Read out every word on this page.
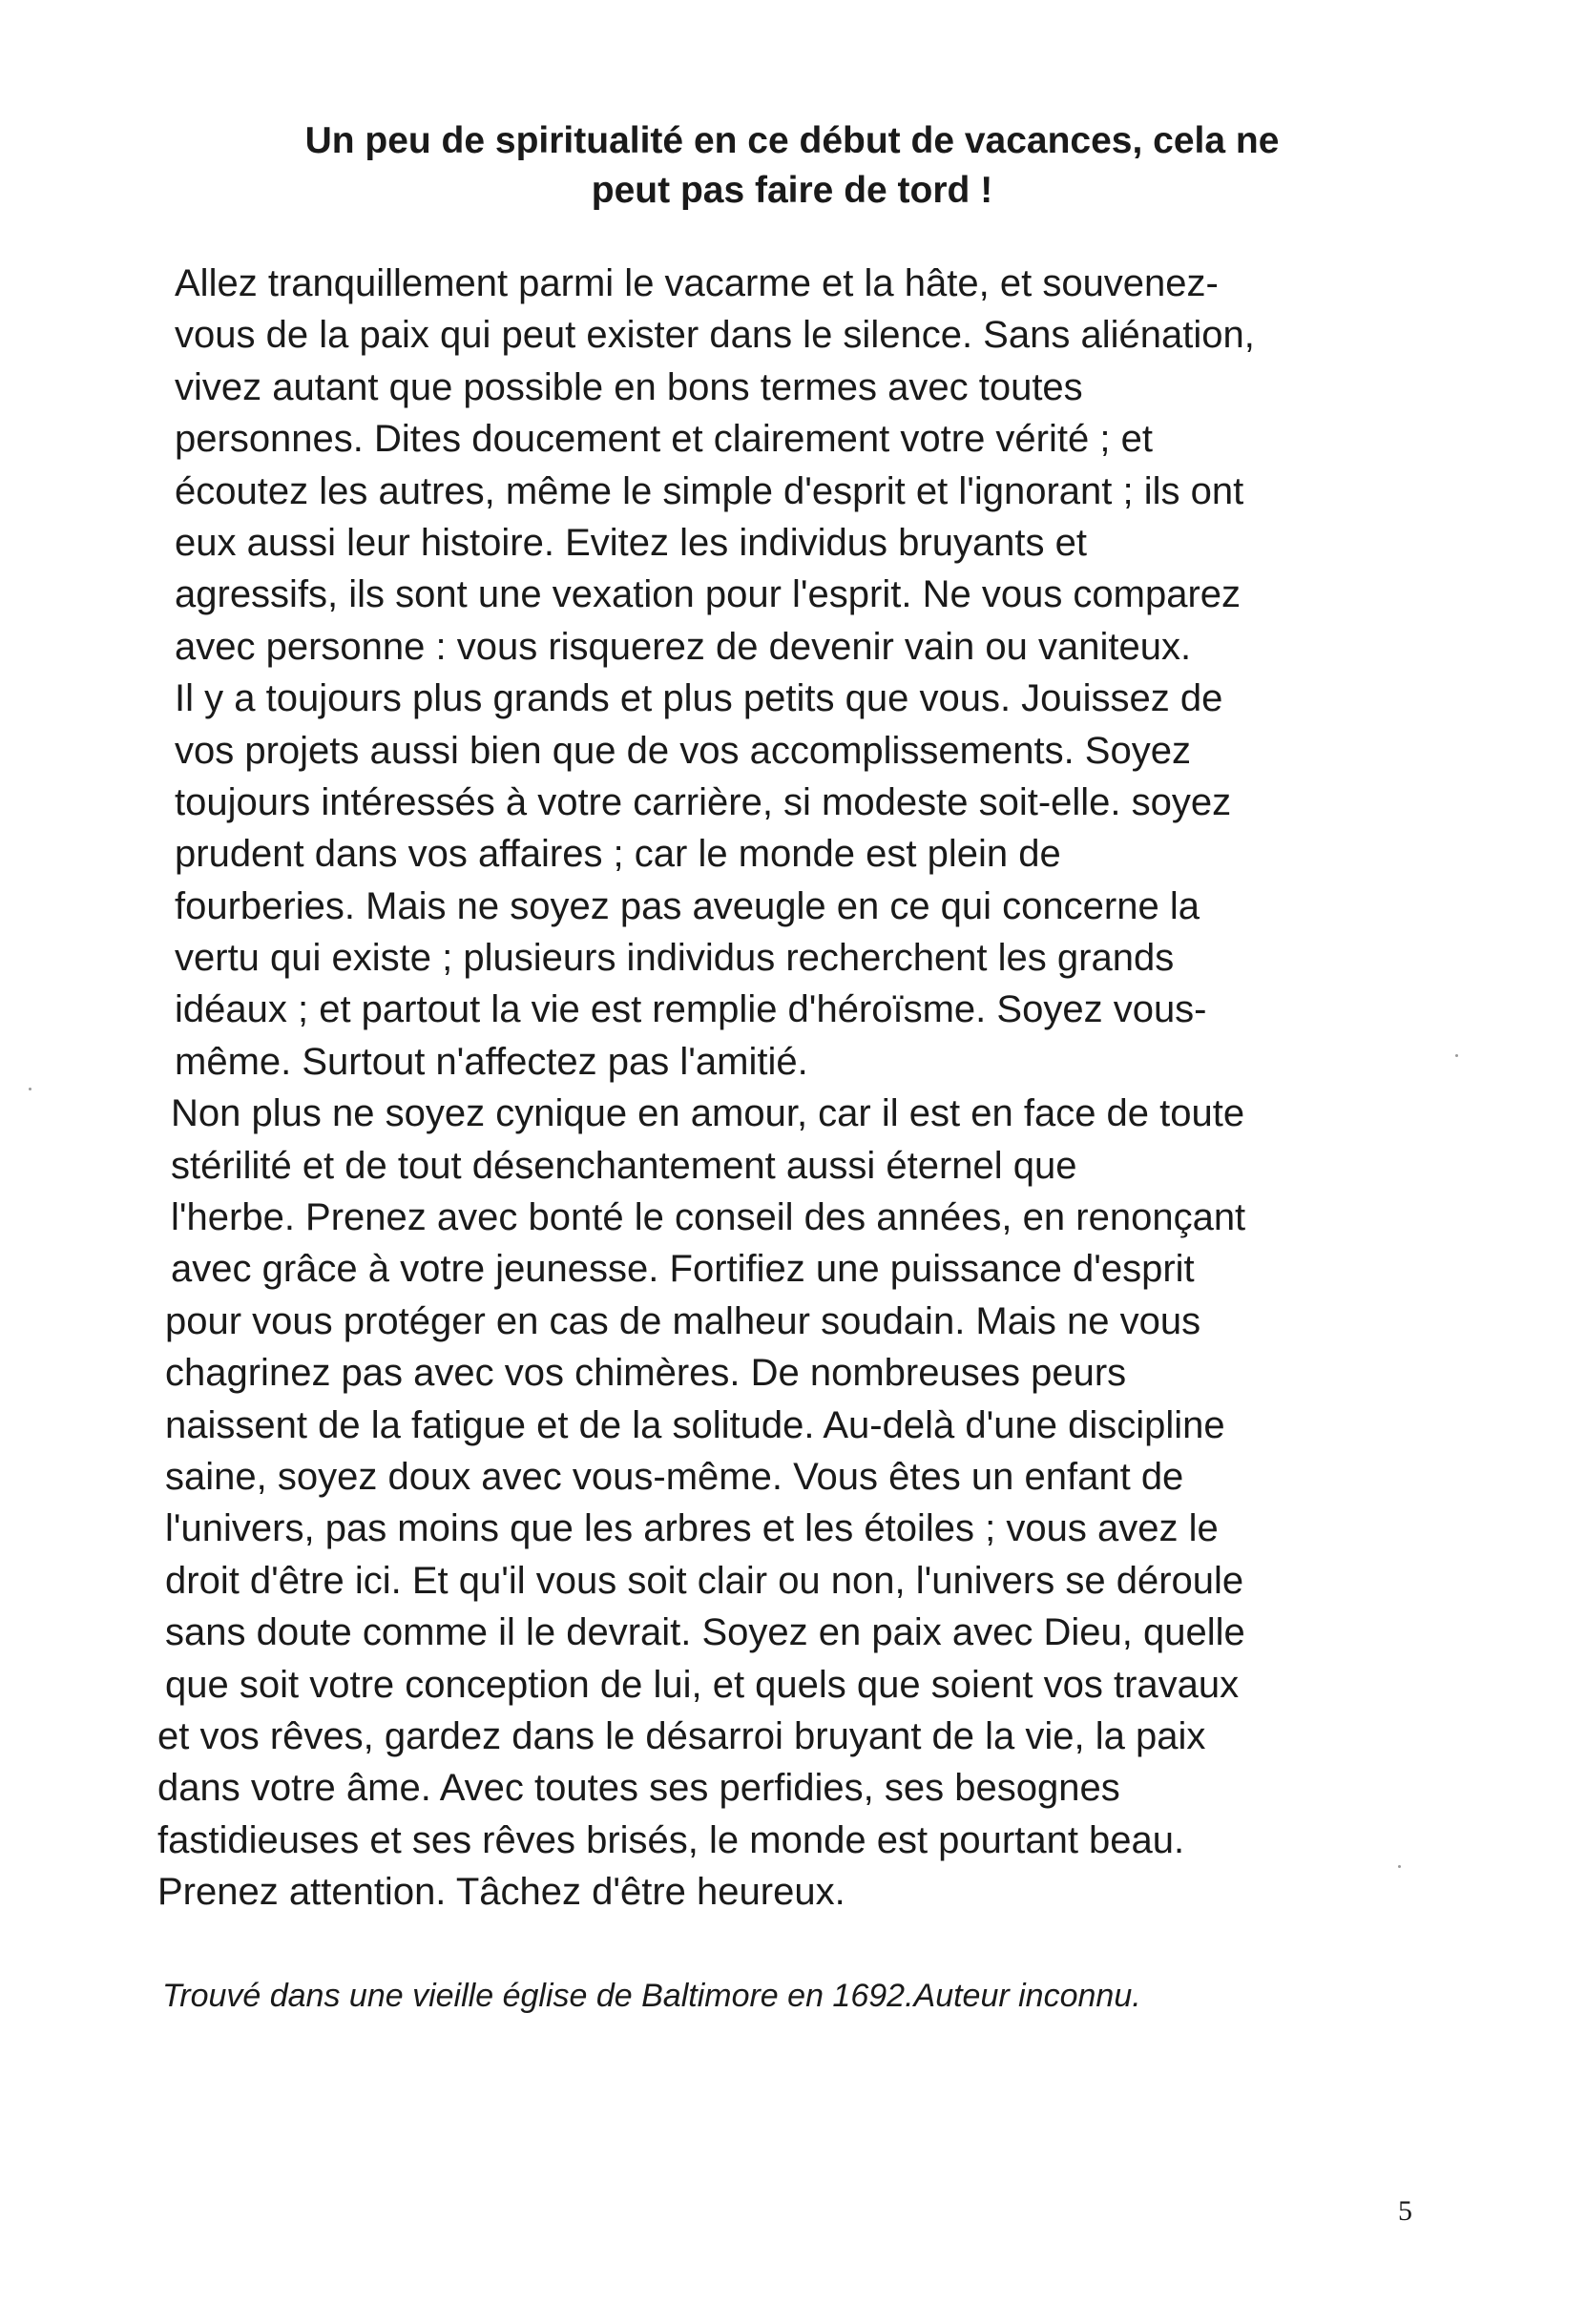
Un peu de spiritualité en ce début de vacances, cela ne
peut pas faire de tord !
Allez tranquillement parmi le vacarme et la hâte, et souvenez-
vous de la paix qui peut exister dans le silence. Sans aliénation,
vivez autant que possible en bons termes avec toutes
personnes. Dites doucement et clairement votre vérité ; et
écoutez les autres, même le simple d'esprit et l'ignorant ; ils ont
eux aussi leur histoire. Evitez les individus bruyants et
agressifs, ils sont une vexation pour l'esprit. Ne vous comparez
avec personne : vous risquerez de devenir vain ou vaniteux.
Il y a toujours plus grands et plus petits que vous. Jouissez de
vos projets aussi bien que de vos accomplissements. Soyez
toujours intéressés à votre carrière, si modeste soit-elle. soyez
prudent dans vos affaires ; car le monde est plein de
fourberies. Mais ne soyez pas aveugle en ce qui concerne la
vertu qui existe ; plusieurs individus recherchent les grands
idéaux ; et partout la vie est remplie d'héroïsme. Soyez vous-
même. Surtout n'affectez pas l'amitié.
Non plus ne soyez cynique en amour, car il est en face de toute
stérilité et de tout désenchantement aussi éternel que
l'herbe. Prenez avec bonté le conseil des années, en renonçant
avec grâce à votre jeunesse. Fortifiez une puissance d'esprit
pour vous protéger en cas de malheur soudain. Mais ne vous
chagrinez pas avec vos chimères. De nombreuses peurs
naissent de la fatigue et de la solitude. Au-delà d'une discipline
saine, soyez doux avec vous-même. Vous êtes un enfant de
l'univers, pas moins que les arbres et les étoiles ; vous avez le
droit d'être ici. Et qu'il vous soit clair ou non, l'univers se déroule
sans doute comme il le devrait. Soyez en paix avec Dieu, quelle
que soit votre conception de lui, et quels que soient vos travaux
et vos rêves, gardez dans le désarroi bruyant de la vie, la paix
dans votre âme. Avec toutes ses perfidies, ses besognes
fastidieuses et ses rêves brisés, le monde est pourtant beau.
Prenez attention. Tâchez d'être heureux.

Trouvé dans une vieille église de Baltimore en 1692.Auteur inconnu.

5
